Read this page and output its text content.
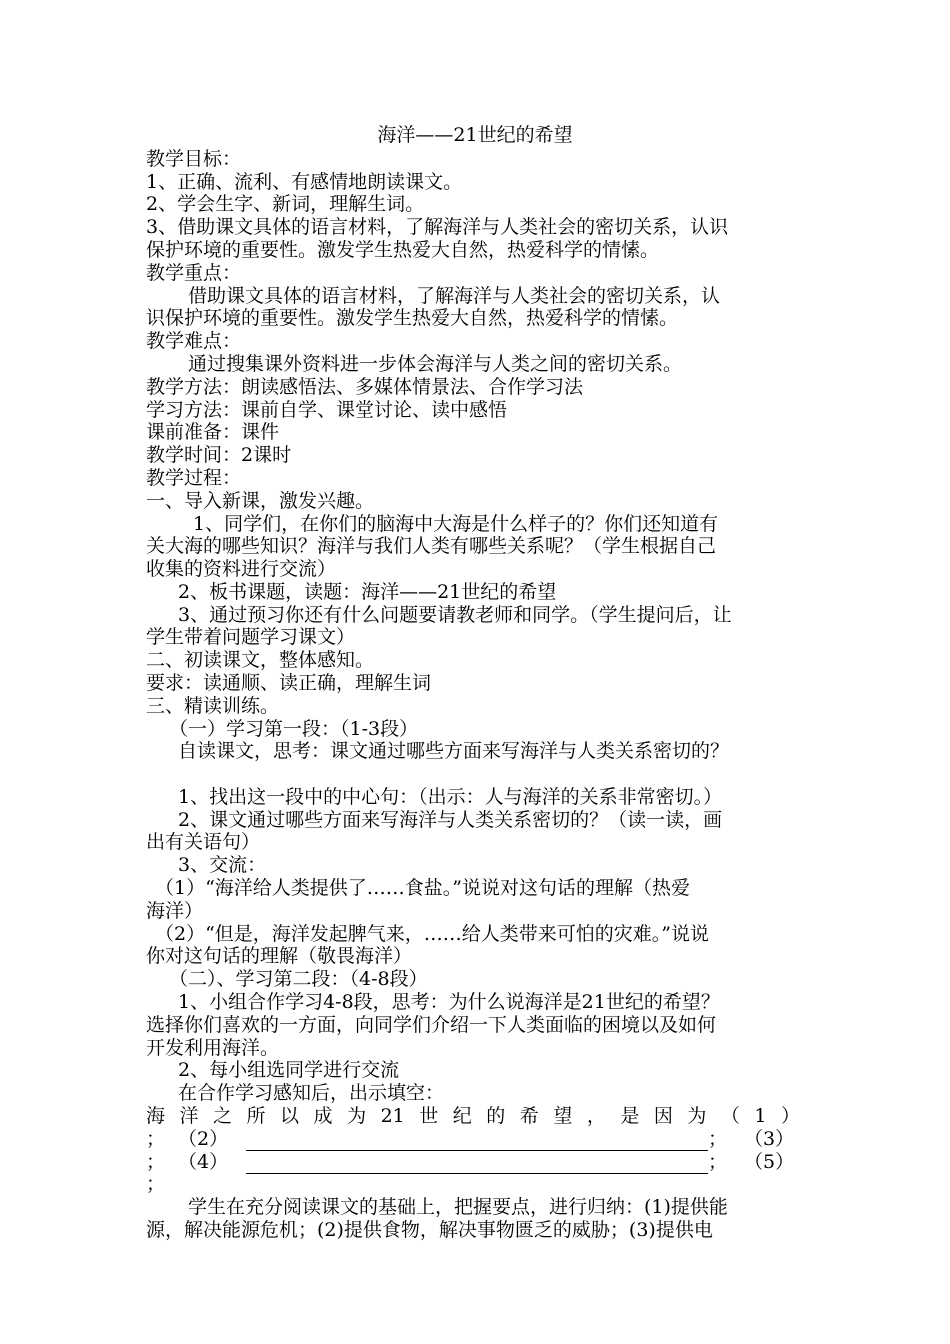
海洋——21世纪的希望
教学目标：
1、正确、流利、有感情地朗读课文。
2、学会生字、新词，理解生词。
3、借助课文具体的语言材料，了解海洋与人类社会的密切关系，认识
保护环境的重要性。激发学生热爱大自然，热爱科学的情愫。
教学重点：
借助课文具体的语言材料，了解海洋与人类社会的密切关系，认
识保护环境的重要性。激发学生热爱大自然，热爱科学的情愫。
教学难点：
通过搜集课外资料进一步体会海洋与人类之间的密切关系。
教学方法：朗读感悟法、多媒体情景法、合作学习法
学习方法：课前自学、课堂讨论、读中感悟
课前准备：课件
教学时间：2课时
教学过程：
一、导入新课，激发兴趣。
1、同学们，在你们的脑海中大海是什么样子的？你们还知道有
关大海的哪些知识？海洋与我们人类有哪些关系呢？（学生根据自己
收集的资料进行交流）
2、板书课题，读题：海洋——21世纪的希望
3、通过预习你还有什么问题要请教老师和同学。（学生提问后，让
学生带着问题学习课文）
二、初读课文，整体感知。
要求：读通顺、读正确，理解生词
三、精读训练。
（一）学习第一段：（1-3段）
自读课文，思考：课文通过哪些方面来写海洋与人类关系密切的？
1、找出这一段中的中心句：（出示：人与海洋的关系非常密切。）
2、课文通过哪些方面来写海洋与人类关系密切的？（读一读，画
出有关语句）
3、交流：
（1）“海洋给人类提供了……食盐。”说说对这句话的理解（热爱
海洋）
（2）“但是，海洋发起脾气来，……给人类带来可怕的灾难。”说说
你对这句话的理解（敬畏海洋）
（二）、学习第二段：（4-8段）
1、小组合作学习4-8段，思考：为什么说海洋是21世纪的希望？
选择你们喜欢的一方面，向同学们介绍一下人类面临的困境以及如何
开发利用海洋。
2、每小组选同学进行交流
在合作学习感知后，出示填空：
海洋之所以成为21世纪的希望，是因为（1）
； （2）	； （3）
； （4）	； （5）
；
学生在充分阅读课文的基础上，把握要点，进行归纳：(1)提供能
源，解决能源危机；(2)提供食物，解决事物匮乏的威胁；(3)提供电
